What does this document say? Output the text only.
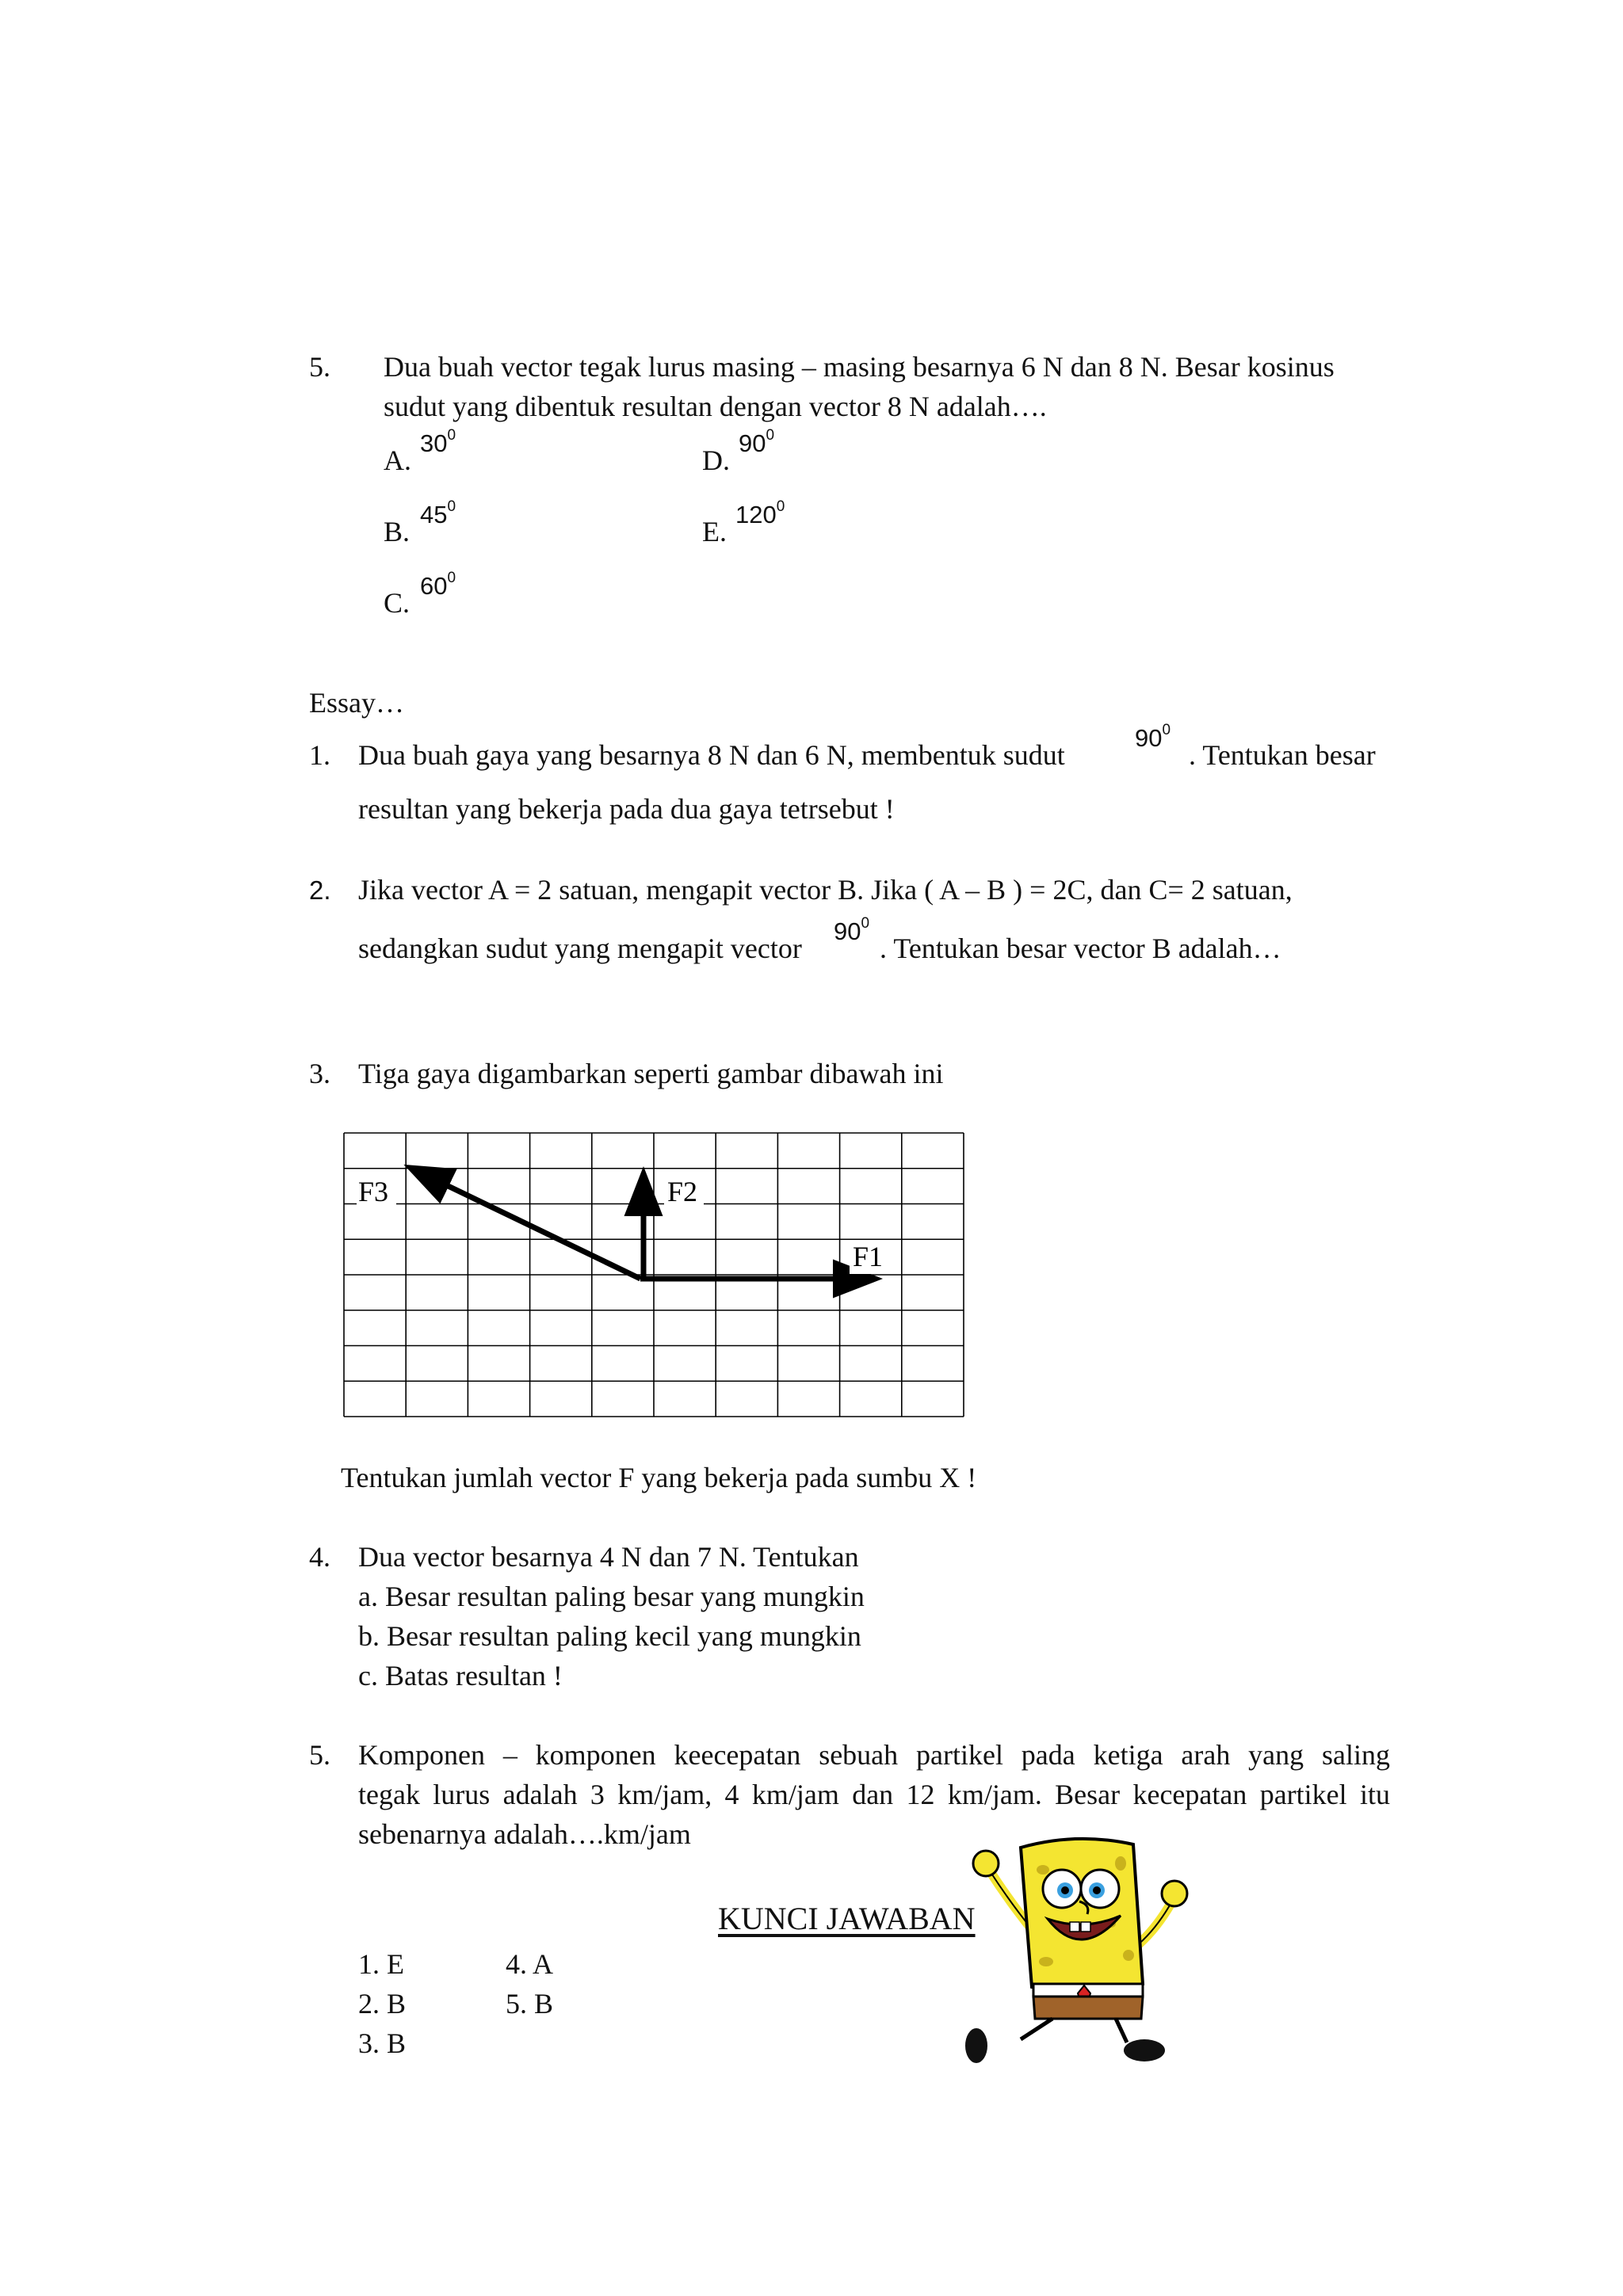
5. Dua buah vector tegak lurus masing – masing besarnya 6 N dan 8 N. Besar kosinus
sudut yang dibentuk resultan dengan vector 8 N adalah….
A.
$30^0$
D.
$90^0$
B.
$45^0$
E.
$120^0$
C.
$60^0$
Essay…
1. Dua buah gaya yang besarnya 8 N dan 6 N, membentuk sudut
$90^0$
. Tentukan besar
resultan yang bekerja pada dua gaya tetrsebut !
2. Jika vector A = 2 satuan, mengapit vector B. Jika ( A – B ) = 2C, dan C= 2 satuan,
sedangkan sudut yang mengapit vector
$90^0$
. Tentukan besar vector B adalah…
3. Tiga gaya digambarkan seperti gambar dibawah ini
F3	F2
F1
Tentukan jumlah vector F yang bekerja pada sumbu X !
4. Dua vector besarnya 4 N dan 7 N. Tentukan
a. Besar resultan paling besar yang mungkin
b. Besar resultan paling kecil yang mungkin
c. Batas resultan !
5. Komponen – komponen keecepatan sebuah partikel pada ketiga arah yang saling
tegak lurus adalah 3 km/jam, 4 km/jam dan 12 km/jam. Besar kecepatan partikel itu
sebenarnya adalah….km/jam
KUNCI JAWABAN
1. E	4. A
2. B	5. B
3. B
